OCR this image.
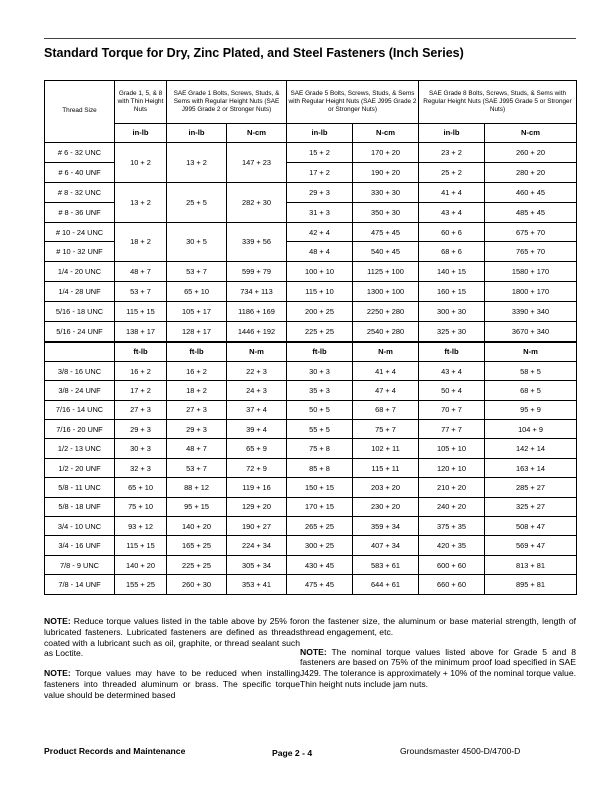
Standard Torque for Dry, Zinc Plated, and Steel Fasteners (Inch Series)
Thread Size	Grade 1, 5, & 8 with Thin Height Nuts	SAE Grade 1 Bolts, Screws, Studs, & Sems with Regular Height Nuts (SAE J995 Grade 2 or Stronger Nuts)		SAE Grade 5 Bolts, Screws, Studs, & Sems with Regular Height Nuts (SAE J995 Grade 2 or Stronger Nuts)		SAE Grade 8 Bolts, Screws, Studs, & Sems with Regular Height Nuts (SAE J995 Grade 5 or Stronger Nuts)	
	in-lb	in-lb	N-cm	in-lb	N-cm	in-lb	N-cm
# 6 - 32 UNC	10 + 2	13 + 2	147 + 23	15 + 2	170 + 20	23 + 2	260 + 20
# 6 - 40 UNF				17 + 2	190 + 20	25 + 2	280 + 20
# 8 - 32 UNC	13 + 2	25 + 5	282 + 30	29 + 3	330 + 30	41 + 4	460 + 45
# 8 - 36 UNF				31 + 3	350 + 30	43 + 4	485 + 45
# 10 - 24 UNC	18 + 2	30 + 5	339 + 56	42 + 4	475 + 45	60 + 6	675 + 70
# 10 - 32 UNF				48 + 4	540 + 45	68 + 6	765 + 70
1/4 - 20 UNC	48 + 7	53 + 7	599 + 79	100 + 10	1125 + 100	140 + 15	1580 + 170
1/4 - 28 UNF	53 + 7	65 + 10	734 + 113	115 + 10	1300 + 100	160 + 15	1800 + 170
5/16 - 18 UNC	115 + 15	105 + 17	1186 + 169	200 + 25	2250 + 280	300 + 30	3390 + 340
5/16 - 24 UNF	138 + 17	128 + 17	1446 + 192	225 + 25	2540 + 280	325 + 30	3670 + 340
	ft-lb	ft-lb	N-m	ft-lb	N-m	ft-lb	N-m
3/8 - 16 UNC	16 + 2	16 + 2	22 + 3	30 + 3	41 + 4	43 + 4	58 + 5
3/8 - 24 UNF	17 + 2	18 + 2	24 + 3	35 + 3	47 + 4	50 + 4	68 + 5
7/16 - 14 UNC	27 + 3	27 + 3	37 + 4	50 + 5	68 + 7	70 + 7	95 + 9
7/16 - 20 UNF	29 + 3	29 + 3	39 + 4	55 + 5	75 + 7	77 + 7	104 + 9
1/2 - 13 UNC	30 + 3	48 + 7	65 + 9	75 + 8	102 + 11	105 + 10	142 + 14
1/2 - 20 UNF	32 + 3	53 + 7	72 + 9	85 + 8	115 + 11	120 + 10	163 + 14
5/8 - 11 UNC	65 + 10	88 + 12	119 + 16	150 + 15	203 + 20	210 + 20	285 + 27
5/8 - 18 UNF	75 + 10	95 + 15	129 + 20	170 + 15	230 + 20	240 + 20	325 + 27
3/4 - 10 UNC	93 + 12	140 + 20	190 + 27	265 + 25	359 + 34	375 + 35	508 + 47
3/4 - 16 UNF	115 + 15	165 + 25	224 + 34	300 + 25	407 + 34	420 + 35	569 + 47
7/8 - 9 UNC	140 + 20	225 + 25	305 + 34	430 + 45	583 + 61	600 + 60	813 + 81
7/8 - 14 UNF	155 + 25	260 + 30	353 + 41	475 + 45	644 + 61	660 + 60	895 + 81

NOTE: Reduce torque values listed in the table above by 25% for lubricated fasteners. Lubricated fasteners are defined as threads coated with a lubricant such as oil, graphite, or thread sealant such as Loctite.

NOTE: Torque values may have to be reduced when installing fasteners into threaded aluminum or brass. The specific torque value should be determined based

on the fastener size, the aluminum or base material strength, length of thread engagement, etc.

NOTE: The nominal torque values listed above for Grade 5 and 8 fasteners are based on 75% of the minimum proof load specified in SAE J429. The tolerance is approximately + 10% of the nominal torque value. Thin height nuts include jam nuts.

Product Records and Maintenance	Page 2 - 4	Groundsmaster 4500-D/4700-D
